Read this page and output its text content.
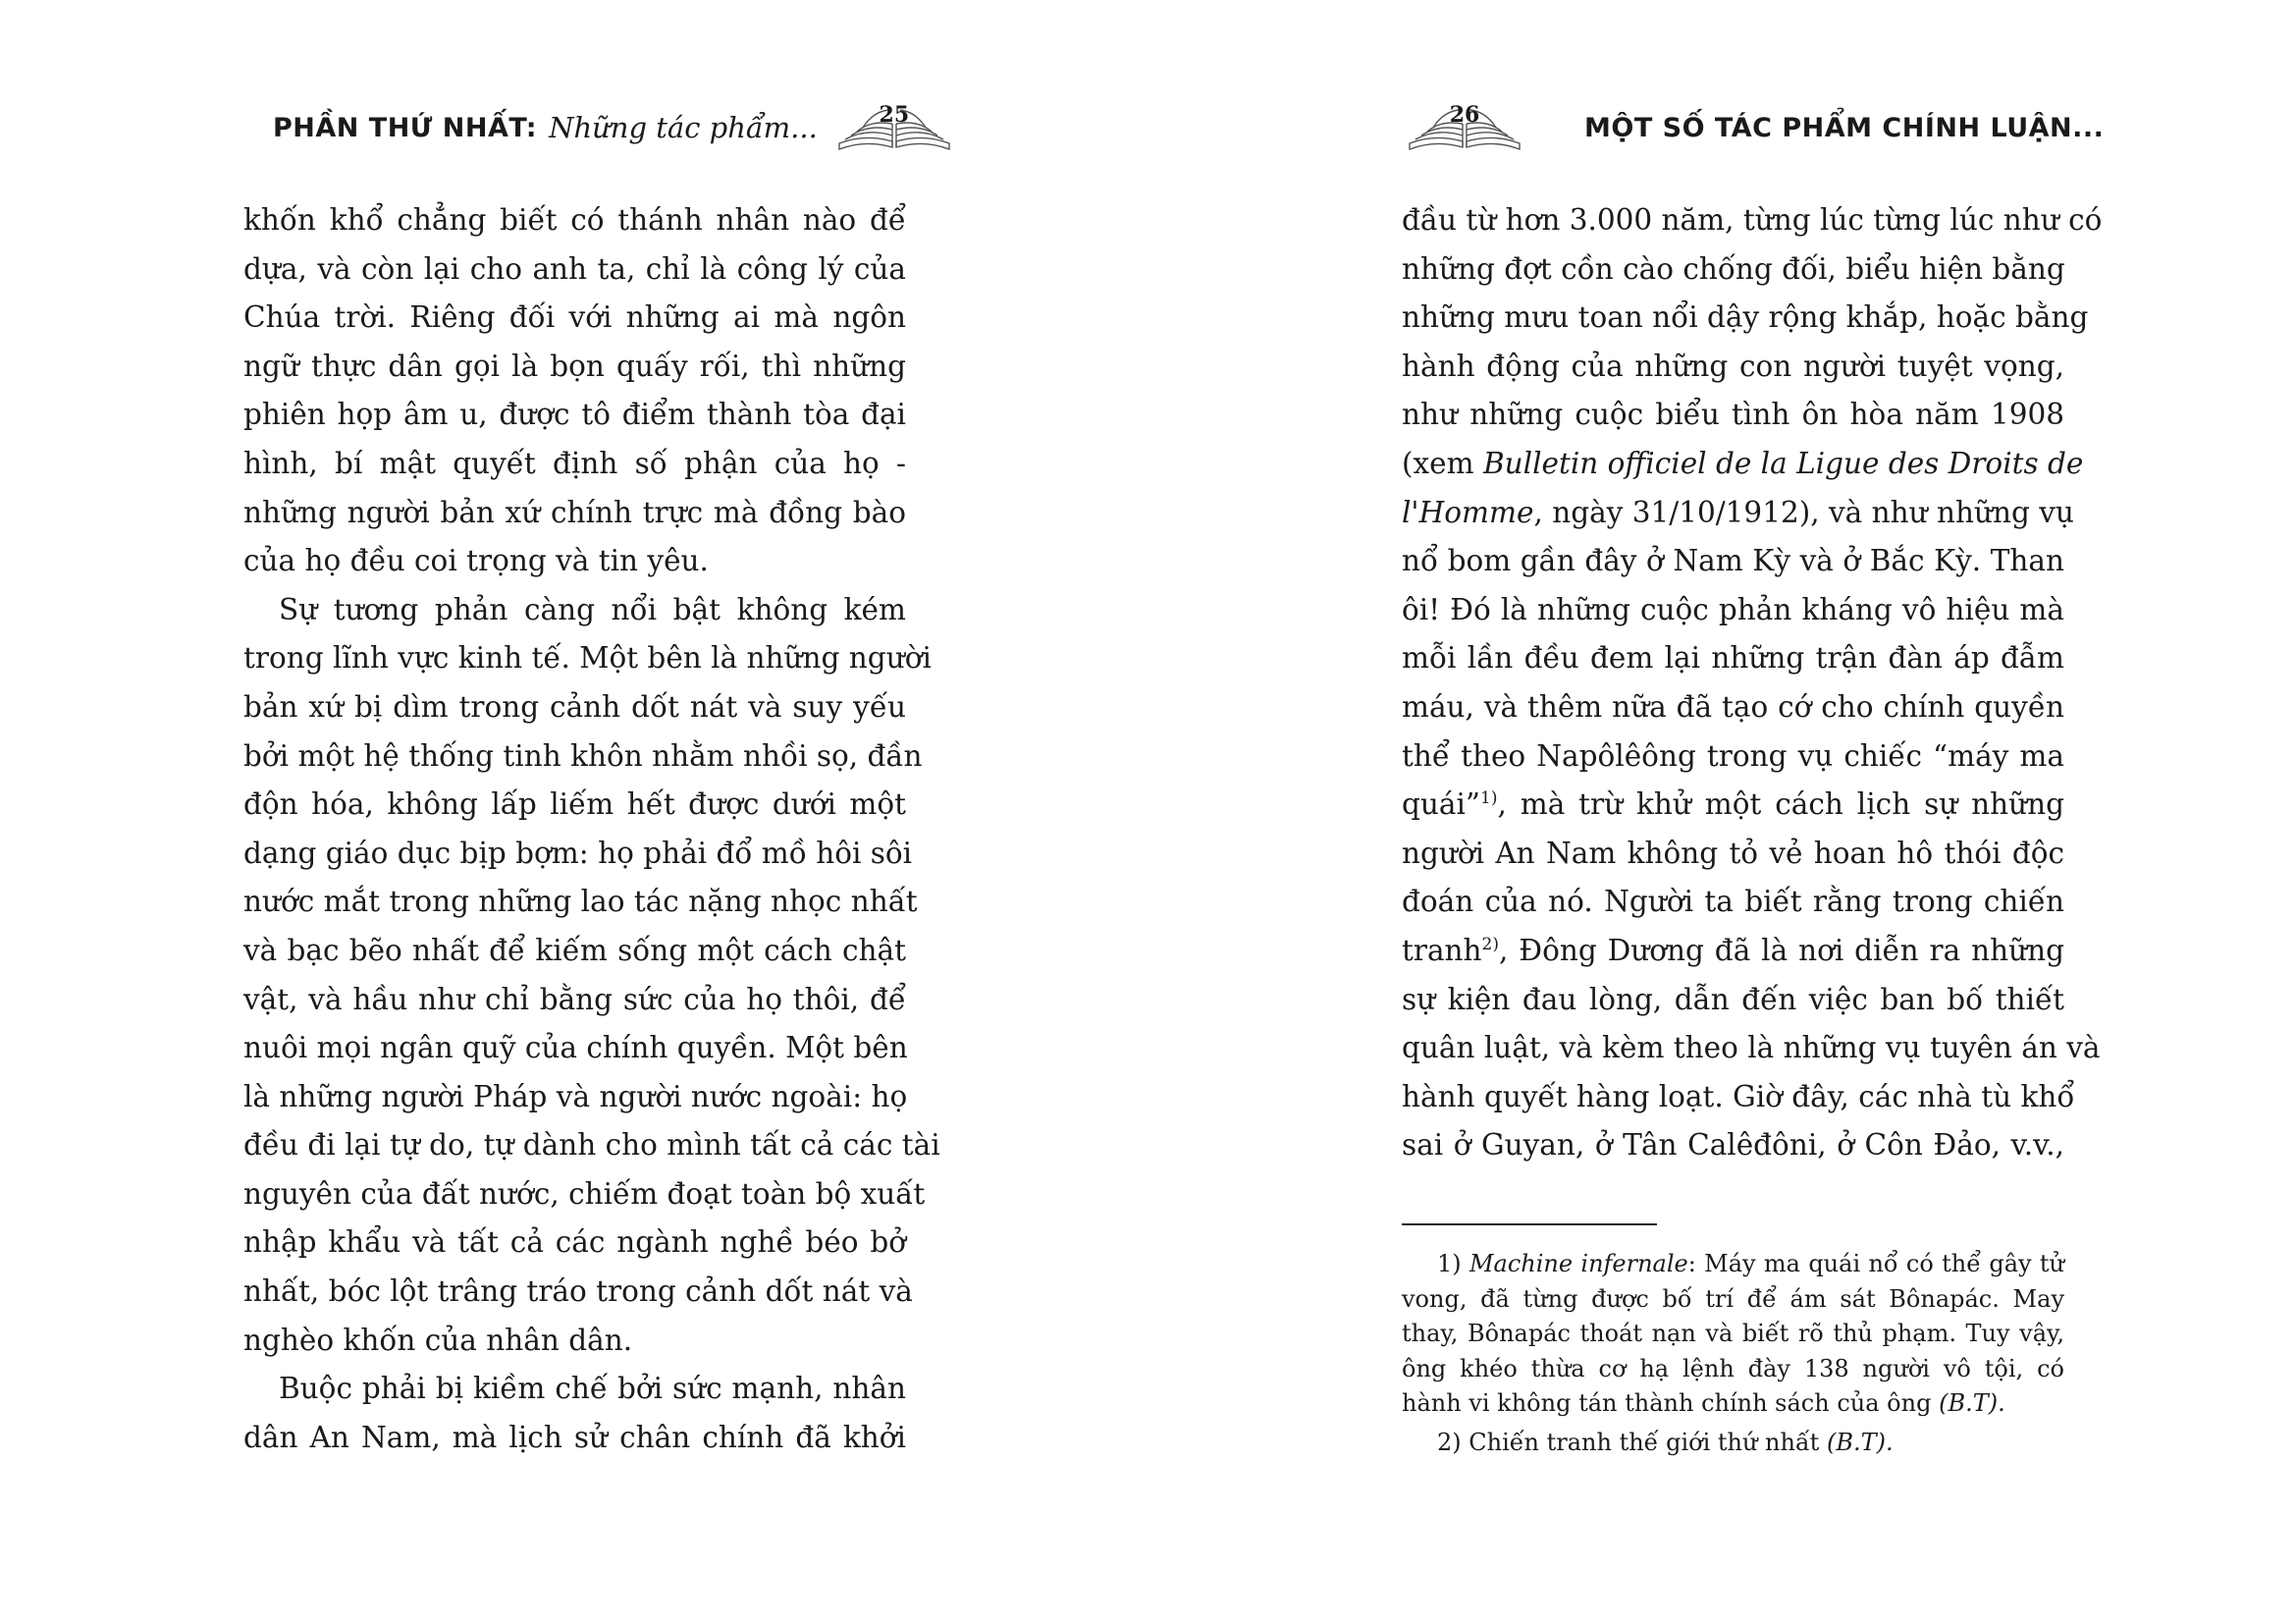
PHẦN THỨ NHẤT: Những tác phẩm...	25

khốn khổ chẳng biết có thánh nhân nào để
dựa, và còn lại cho anh ta, chỉ là công lý của
Chúa trời. Riêng đối với những ai mà ngôn
ngữ thực dân gọi là bọn quấy rối, thì những
phiên họp âm u, được tô điểm thành tòa đại
hình, bí mật quyết định số phận của họ -
những người bản xứ chính trực mà đồng bào
của họ đều coi trọng và tin yêu.

Sự tương phản càng nổi bật không kém
trong lĩnh vực kinh tế. Một bên là những người
bản xứ bị dìm trong cảnh dốt nát và suy yếu
bởi một hệ thống tinh khôn nhằm nhồi sọ, đần
độn hóa, không lấp liếm hết được dưới một
dạng giáo dục bịp bợm: họ phải đổ mồ hôi sôi
nước mắt trong những lao tác nặng nhọc nhất
và bạc bẽo nhất để kiếm sống một cách chật
vật, và hầu như chỉ bằng sức của họ thôi, để
nuôi mọi ngân quỹ của chính quyền. Một bên
là những người Pháp và người nước ngoài: họ
đều đi lại tự do, tự dành cho mình tất cả các tài
nguyên của đất nước, chiếm đoạt toàn bộ xuất
nhập khẩu và tất cả các ngành nghề béo bở
nhất, bóc lột trâng tráo trong cảnh dốt nát và
nghèo khốn của nhân dân.

Buộc phải bị kiềm chế bởi sức mạnh, nhân
dân An Nam, mà lịch sử chân chính đã khởi

26	MỘT SỐ TÁC PHẨM CHÍNH LUẬN...

đầu từ hơn 3.000 năm, từng lúc từng lúc như có
những đợt cồn cào chống đối, biểu hiện bằng
những mưu toan nổi dậy rộng khắp, hoặc bằng
hành động của những con người tuyệt vọng,
như những cuộc biểu tình ôn hòa năm 1908
(xem Bulletin officiel de la Ligue des Droits de
l'Homme, ngày 31/10/1912), và như những vụ
nổ bom gần đây ở Nam Kỳ và ở Bắc Kỳ. Than
ôi! Đó là những cuộc phản kháng vô hiệu mà
mỗi lần đều đem lại những trận đàn áp đẫm
máu, và thêm nữa đã tạo cớ cho chính quyền
thể theo Napôlêông trong vụ chiếc “máy ma
quái”$^{1)}$, mà trừ khử một cách lịch sự những
người An Nam không tỏ vẻ hoan hô thói độc
đoán của nó. Người ta biết rằng trong chiến
tranh$^{2)}$, Đông Dương đã là nơi diễn ra những
sự kiện đau lòng, dẫn đến việc ban bố thiết
quân luật, và kèm theo là những vụ tuyên án và
hành quyết hàng loạt. Giờ đây, các nhà tù khổ
sai ở Guyan, ở Tân Calêđôni, ở Côn Đảo, v.v.,

1) Machine infernale: Máy ma quái nổ có thể gây tử
vong, đã từng được bố trí để ám sát Bônapác. May
thay, Bônapác thoát nạn và biết rõ thủ phạm. Tuy vậy,
ông khéo thừa cơ hạ lệnh đày 138 người vô tội, có
hành vi không tán thành chính sách của ông (B.T).
2) Chiến tranh thế giới thứ nhất (B.T).
